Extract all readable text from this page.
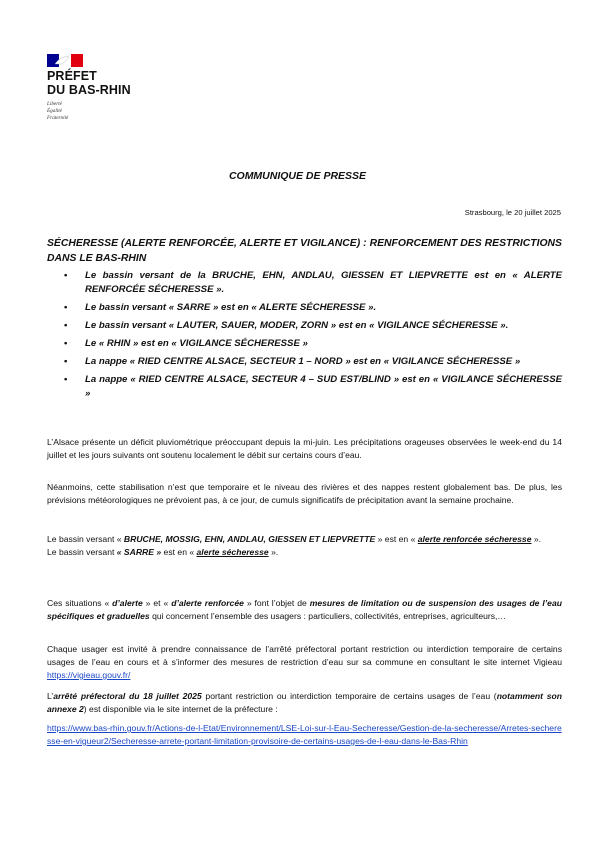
PRÉFET
DU BAS-RHIN
Liberté
Égalité
Fraternité
COMMUNIQUE DE PRESSE
Strasbourg, le 20 juillet 2025
SÉCHERESSE (ALERTE RENFORCÉE, ALERTE ET VIGILANCE) : RENFORCEMENT DES RESTRICTIONS DANS LE BAS-RHIN
• Le bassin versant de la BRUCHE, EHN, ANDLAU, GIESSEN ET LIEPVRETTE est en « ALERTE RENFORCÉE SÉCHERESSE ».
• Le bassin versant « SARRE » est en « ALERTE SÉCHERESSE ».
• Le bassin versant « LAUTER, SAUER, MODER, ZORN » est en « VIGILANCE SÉCHERESSE ».
• Le « RHIN » est en « VIGILANCE SÉCHERESSE »
• La nappe « RIED CENTRE ALSACE, SECTEUR 1 – NORD » est en « VIGILANCE SÉCHERESSE »
• La nappe « RIED CENTRE ALSACE, SECTEUR 4 – SUD EST/BLIND » est en « VIGILANCE SÉCHERESSE »
L’Alsace présente un déficit pluviométrique préoccupant depuis la mi-juin. Les précipitations orageuses observées le week-end du 14 juillet et les jours suivants ont soutenu localement le débit sur certains cours d’eau.
Néanmoins, cette stabilisation n’est que temporaire et le niveau des rivières et des nappes restent globalement bas. De plus, les prévisions météorologiques ne prévoient pas, à ce jour, de cumuls significatifs de précipitation avant la semaine prochaine.
Le bassin versant « BRUCHE, MOSSIG, EHN, ANDLAU, GIESSEN ET LIEPVRETTE » est en « alerte renforcée sécheresse ».
Le bassin versant « SARRE » est en « alerte sécheresse ».
Ces situations « d’alerte » et « d’alerte renforcée » font l’objet de mesures de limitation ou de suspension des usages de l’eau spécifiques et graduelles qui concernent l’ensemble des usagers : particuliers, collectivités, entreprises, agriculteurs,…
Chaque usager est invité à prendre connaissance de l’arrêté préfectoral portant restriction ou interdiction temporaire de certains usages de l’eau en cours et à s’informer des mesures de restriction d’eau sur sa commune en consultant le site internet Vigieau https://vigieau.gouv.fr/
L’arrêté préfectoral du 18 juillet 2025 portant restriction ou interdiction temporaire de certains usages de l’eau (notamment son annexe 2) est disponible via le site internet de la préfecture :
https://www.bas-rhin.gouv.fr/Actions-de-l-Etat/Environnement/LSE-Loi-sur-l-Eau-Secheresse/Gestion-de-la-secheresse/Arretes-secheresse-en-vigueur2/Secheresse-arrete-portant-limitation-provisoire-de-certains-usages-de-l-eau-dans-le-Bas-Rhin
